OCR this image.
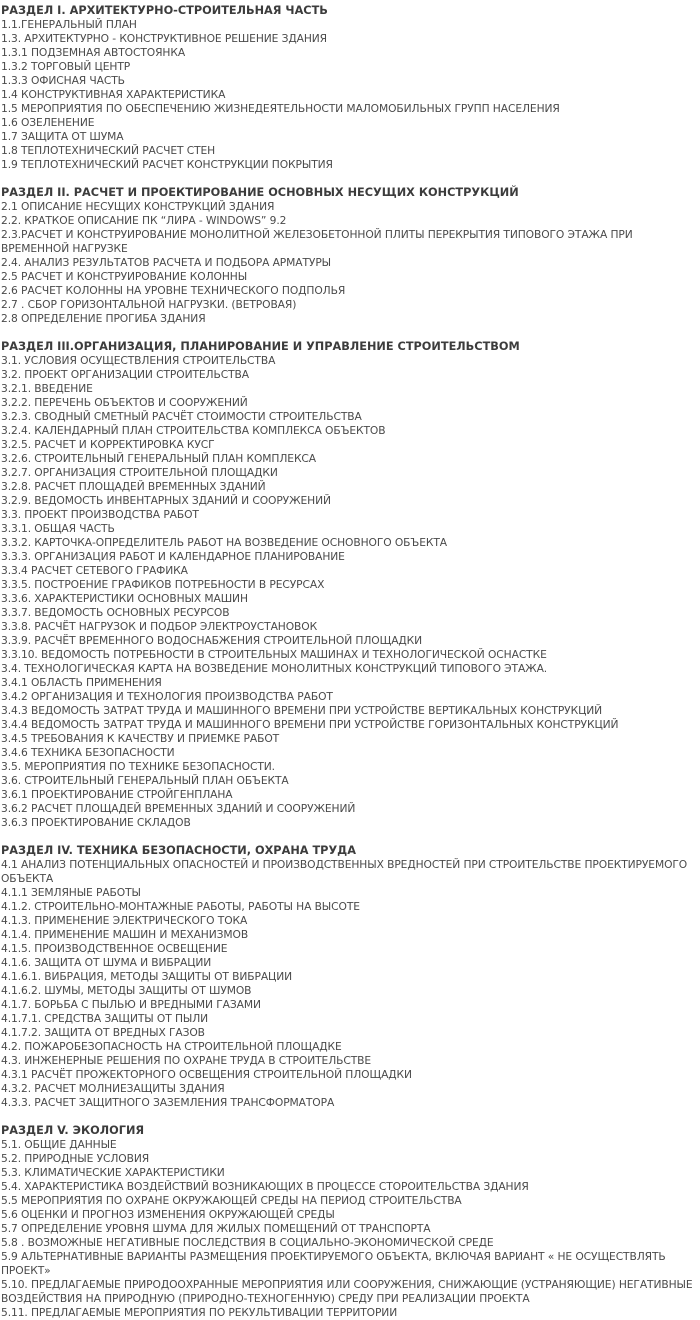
РАЗДЕЛ I. АРХИТЕКТУРНО-СТРОИТЕЛЬНАЯ ЧАСТЬ
1.1.ГЕНЕРАЛЬНЫЙ ПЛАН
1.3. АРХИТЕКТУРНО - КОНСТРУКТИВНОЕ РЕШЕНИЕ ЗДАНИЯ
1.3.1 ПОДЗЕМНАЯ АВТОСТОЯНКА
1.3.2 ТОРГОВЫЙ ЦЕНТР
1.3.3 ОФИСНАЯ ЧАСТЬ
1.4 КОНСТРУКТИВНАЯ ХАРАКТЕРИСТИКА
1.5 МЕРОПРИЯТИЯ ПО ОБЕСПЕЧЕНИЮ ЖИЗНЕДЕЯТЕЛЬНОСТИ МАЛОМОБИЛЬНЫХ ГРУПП НАСЕЛЕНИЯ
1.6 ОЗЕЛЕНЕНИЕ
1.7 ЗАЩИТА ОТ ШУМА
1.8 ТЕПЛОТЕХНИЧЕСКИЙ РАСЧЕТ СТЕН
1.9 ТЕПЛОТЕХНИЧЕСКИЙ РАСЧЕТ КОНСТРУКЦИИ ПОКРЫТИЯ
РАЗДЕЛ II. РАСЧЕТ И ПРОЕКТИРОВАНИЕ ОСНОВНЫХ НЕСУЩИХ КОНСТРУКЦИЙ
2.1 ОПИСАНИЕ НЕСУЩИХ КОНСТРУКЦИЙ ЗДАНИЯ
2.2. КРАТКОЕ ОПИСАНИЕ ПК “ЛИРА - WINDOWS” 9.2
2.3.РАСЧЕТ И КОНСТРУИРОВАНИЕ МОНОЛИТНОЙ ЖЕЛЕЗОБЕТОННОЙ ПЛИТЫ ПЕРЕКРЫТИЯ ТИПОВОГО ЭТАЖА ПРИ ВРЕМЕННОЙ НАГРУЗКЕ
2.4. АНАЛИЗ РЕЗУЛЬТАТОВ РАСЧЕТА И ПОДБОРА АРМАТУРЫ
2.5 РАСЧЕТ И КОНСТРУИРОВАНИЕ КОЛОННЫ
2.6 РАСЧЕТ КОЛОННЫ НА УРОВНЕ ТЕХНИЧЕСКОГО ПОДПОЛЬЯ
2.7 . СБОР ГОРИЗОНТАЛЬНОЙ НАГРУЗКИ. (ВЕТРОВАЯ)
2.8 ОПРЕДЕЛЕНИЕ ПРОГИБА ЗДАНИЯ
РАЗДЕЛ III.ОРГАНИЗАЦИЯ, ПЛАНИРОВАНИЕ И УПРАВЛЕНИЕ СТРОИТЕЛЬСТВОМ
3.1. УСЛОВИЯ ОСУЩЕСТВЛЕНИЯ СТРОИТЕЛЬСТВА
3.2. ПРОЕКТ ОРГАНИЗАЦИИ СТРОИТЕЛЬСТВА
3.2.1. ВВЕДЕНИЕ
3.2.2. ПЕРЕЧЕНЬ ОБЪЕКТОВ И СООРУЖЕНИЙ
3.2.3. СВОДНЫЙ СМЕТНЫЙ РАСЧЁТ СТОИМОСТИ СТРОИТЕЛЬСТВА
3.2.4. КАЛЕНДАРНЫЙ ПЛАН СТРОИТЕЛЬСТВА КОМПЛЕКСА ОБЪЕКТОВ
3.2.5. РАСЧЕТ И КОРРЕКТИРОВКА КУСГ
3.2.6. СТРОИТЕЛЬНЫЙ ГЕНЕРАЛЬНЫЙ ПЛАН КОМПЛЕКСА
3.2.7. ОРГАНИЗАЦИЯ СТРОИТЕЛЬНОЙ ПЛОЩАДКИ
3.2.8. РАСЧЕТ ПЛОЩАДЕЙ ВРЕМЕННЫХ ЗДАНИЙ
3.2.9. ВЕДОМОСТЬ ИНВЕНТАРНЫХ ЗДАНИЙ И СООРУЖЕНИЙ
3.3. ПРОЕКТ ПРОИЗВОДСТВА РАБОТ
3.3.1. ОБЩАЯ ЧАСТЬ
3.3.2. КАРТОЧКА-ОПРЕДЕЛИТЕЛЬ РАБОТ НА ВОЗВЕДЕНИЕ ОСНОВНОГО ОБЪЕКТА
3.3.3. ОРГАНИЗАЦИЯ РАБОТ И КАЛЕНДАРНОЕ ПЛАНИРОВАНИЕ
3.3.4 РАСЧЕТ СЕТЕВОГО ГРАФИКА
3.3.5. ПОСТРОЕНИЕ ГРАФИКОВ ПОТРЕБНОСТИ В РЕСУРСАХ
3.3.6. ХАРАКТЕРИСТИКИ ОСНОВНЫХ МАШИН
3.3.7. ВЕДОМОСТЬ ОСНОВНЫХ РЕСУРСОВ
3.3.8. РАСЧЁТ НАГРУЗОК И ПОДБОР ЭЛЕКТРОУСТАНОВОК
3.3.9. РАСЧЁТ ВРЕМЕННОГО ВОДОСНАБЖЕНИЯ СТРОИТЕЛЬНОЙ ПЛОЩАДКИ
3.3.10. ВЕДОМОСТЬ ПОТРЕБНОСТИ В СТРОИТЕЛЬНЫХ МАШИНАХ И ТЕХНОЛОГИЧЕСКОЙ ОСНАСТКЕ
3.4. ТЕХНОЛОГИЧЕСКАЯ КАРТА НА ВОЗВЕДЕНИЕ МОНОЛИТНЫХ КОНСТРУКЦИЙ ТИПОВОГО ЭТАЖА.
3.4.1 ОБЛАСТЬ ПРИМЕНЕНИЯ
3.4.2 ОРГАНИЗАЦИЯ И ТЕХНОЛОГИЯ ПРОИЗВОДСТВА РАБОТ
3.4.3 ВЕДОМОСТЬ ЗАТРАТ ТРУДА И МАШИННОГО ВРЕМЕНИ ПРИ УСТРОЙСТВЕ ВЕРТИКАЛЬНЫХ КОНСТРУКЦИЙ
3.4.4 ВЕДОМОСТЬ ЗАТРАТ ТРУДА И МАШИННОГО ВРЕМЕНИ ПРИ УСТРОЙСТВЕ ГОРИЗОНТАЛЬНЫХ КОНСТРУКЦИЙ
3.4.5 ТРЕБОВАНИЯ К КАЧЕСТВУ И ПРИЕМКЕ РАБОТ
3.4.6 ТЕХНИКА БЕЗОПАСНОСТИ
3.5. МЕРОПРИЯТИЯ ПО ТЕХНИКЕ БЕЗОПАСНОСТИ.
3.6. СТРОИТЕЛЬНЫЙ ГЕНЕРАЛЬНЫЙ ПЛАН ОБЪЕКТА
3.6.1 ПРОЕКТИРОВАНИЕ СТРОЙГЕНПЛАНА
3.6.2 РАСЧЕТ ПЛОЩАДЕЙ ВРЕМЕННЫХ ЗДАНИЙ И СООРУЖЕНИЙ
3.6.3 ПРОЕКТИРОВАНИЕ СКЛАДОВ
РАЗДЕЛ IV. ТЕХНИКА БЕЗОПАСНОСТИ, ОХРАНА ТРУДА
4.1 АНАЛИЗ ПОТЕНЦИАЛЬНЫХ ОПАСНОСТЕЙ И ПРОИЗВОДСТВЕННЫХ ВРЕДНОСТЕЙ ПРИ СТРОИТЕЛЬСТВЕ ПРОЕКТИРУЕМОГО ОБЪЕКТА
4.1.1 ЗЕМЛЯНЫЕ РАБОТЫ
4.1.2. СТРОИТЕЛЬНО-МОНТАЖНЫЕ РАБОТЫ, РАБОТЫ НА ВЫСОТЕ
4.1.3. ПРИМЕНЕНИЕ ЭЛЕКТРИЧЕСКОГО ТОКА
4.1.4. ПРИМЕНЕНИЕ МАШИН И МЕХАНИЗМОВ
4.1.5. ПРОИЗВОДСТВЕННОЕ ОСВЕЩЕНИЕ
4.1.6. ЗАЩИТА ОТ ШУМА И ВИБРАЦИИ
4.1.6.1. ВИБРАЦИЯ, МЕТОДЫ ЗАЩИТЫ ОТ ВИБРАЦИИ
4.1.6.2. ШУМЫ, МЕТОДЫ ЗАЩИТЫ ОТ ШУМОВ
4.1.7. БОРЬБА С ПЫЛЬЮ И ВРЕДНЫМИ ГАЗАМИ
4.1.7.1. СРЕДСТВА ЗАЩИТЫ ОТ ПЫЛИ
4.1.7.2. ЗАЩИТА ОТ ВРЕДНЫХ ГАЗОВ
4.2. ПОЖАРОБЕЗОПАСНОСТЬ НА СТРОИТЕЛЬНОЙ ПЛОЩАДКЕ
4.3. ИНЖЕНЕРНЫЕ РЕШЕНИЯ ПО ОХРАНЕ ТРУДА В СТРОИТЕЛЬСТВЕ
4.3.1 РАСЧЁТ ПРОЖЕКТОРНОГО ОСВЕЩЕНИЯ СТРОИТЕЛЬНОЙ ПЛОЩАДКИ
4.3.2. РАСЧЕТ МОЛНИЕЗАЩИТЫ ЗДАНИЯ
4.3.3. РАСЧЕТ ЗАЩИТНОГО ЗАЗЕМЛЕНИЯ ТРАНСФОРМАТОРА
РАЗДЕЛ V. ЭКОЛОГИЯ
5.1. ОБЩИЕ ДАННЫЕ
5.2. ПРИРОДНЫЕ УСЛОВИЯ
5.3. КЛИМАТИЧЕСКИЕ ХАРАКТЕРИСТИКИ
5.4. ХАРАКТЕРИСТИКА ВОЗДЕЙСТВИЙ ВОЗНИКАЮЩИХ В ПРОЦЕССЕ СТОРОИТЕЛЬСТВА ЗДАНИЯ
5.5 МЕРОПРИЯТИЯ ПО ОХРАНЕ ОКРУЖАЮЩЕЙ СРЕДЫ НА ПЕРИОД СТРОИТЕЛЬСТВА
5.6 ОЦЕНКИ И ПРОГНОЗ ИЗМЕНЕНИЯ ОКРУЖАЮЩЕЙ СРЕДЫ
5.7 ОПРЕДЕЛЕНИЕ УРОВНЯ ШУМА ДЛЯ ЖИЛЫХ ПОМЕЩЕНИЙ ОТ ТРАНСПОРТА
5.8 . ВОЗМОЖНЫЕ НЕГАТИВНЫЕ ПОСЛЕДСТВИЯ В СОЦИАЛЬНО-ЭКОНОМИЧЕСКОЙ СРЕДЕ
5.9 АЛЬТЕРНАТИВНЫЕ ВАРИАНТЫ РАЗМЕЩЕНИЯ ПРОЕКТИРУЕМОГО ОБЪЕКТА, ВКЛЮЧАЯ ВАРИАНТ « НЕ ОСУЩЕСТВЛЯТЬ ПРОЕКТ»
5.10. ПРЕДЛАГАЕМЫЕ ПРИРОДООХРАННЫЕ МЕРОПРИЯТИЯ ИЛИ СООРУЖЕНИЯ, СНИЖАЮЩИЕ (УСТРАНЯЮЩИЕ) НЕГАТИВНЫЕ ВОЗДЕЙСТВИЯ НА ПРИРОДНУЮ (ПРИРОДНО-ТЕХНОГЕННУЮ) СРЕДУ ПРИ РЕАЛИЗАЦИИ ПРОЕКТА
5.11. ПРЕДЛАГАЕМЫЕ МЕРОПРИЯТИЯ ПО РЕКУЛЬТИВАЦИИ ТЕРРИТОРИИ
